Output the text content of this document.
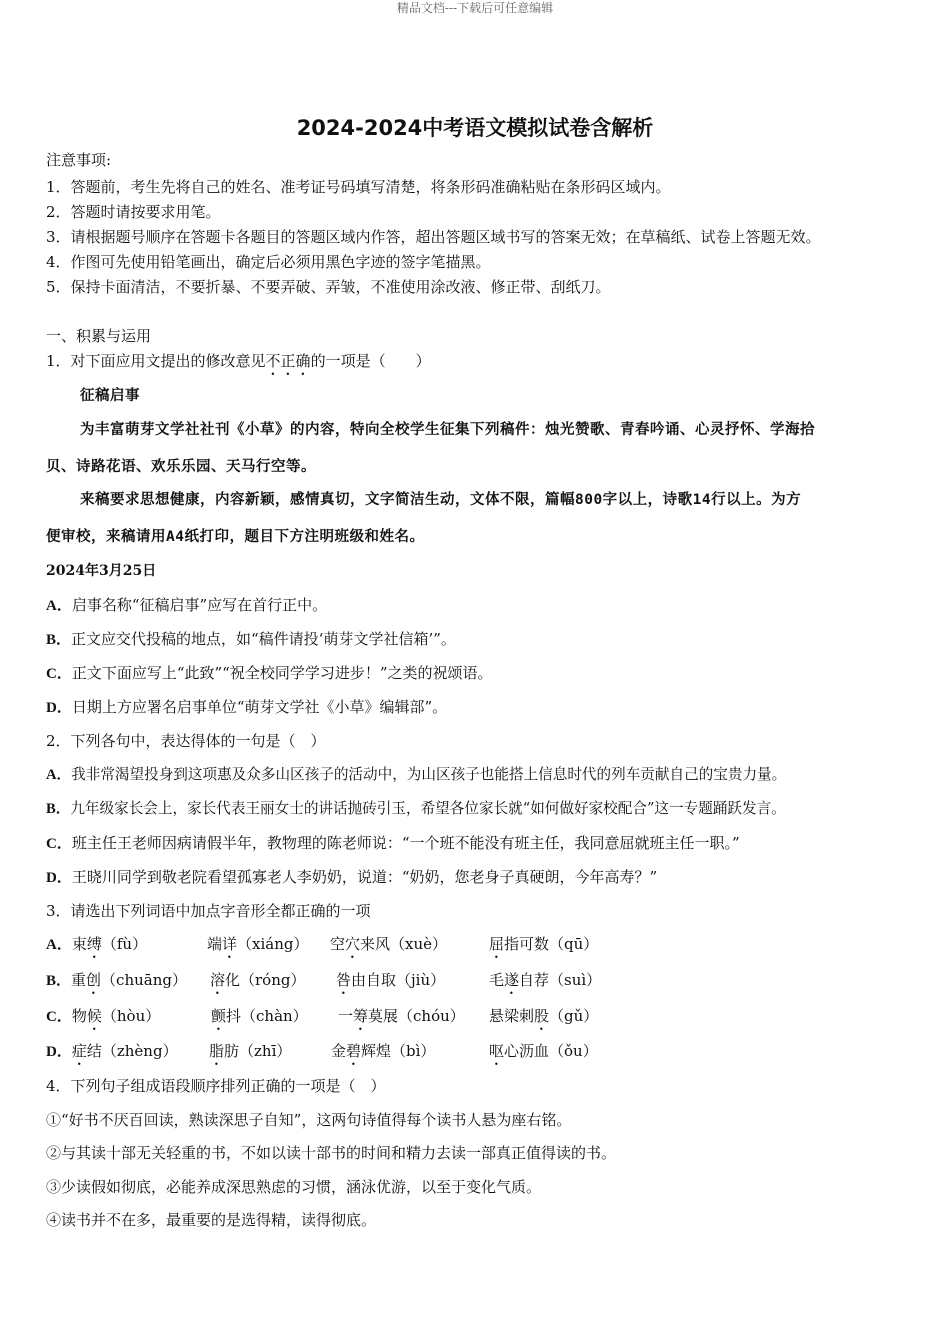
精品文档---下载后可任意编辑
2024-2024中考语文模拟试卷含解析
注意事项:
1．答题前，考生先将自己的姓名、准考证号码填写清楚，将条形码准确粘贴在条形码区域内。
2．答题时请按要求用笔。
3．请根据题号顺序在答题卡各题目的答题区域内作答，超出答题区域书写的答案无效；在草稿纸、试卷上答题无效。
4．作图可先使用铅笔画出，确定后必须用黑色字迹的签字笔描黑。
5．保持卡面清洁，不要折暴、不要弄破、弄皱，不准使用涂改液、修正带、刮纸刀。
一、积累与运用
1．对下面应用文提出的修改意见不正确的一项是（　　）
征稿启事
为丰富萌芽文学社社刊《小草》的内容，特向全校学生征集下列稿件：烛光赞歌、青春吟诵、心灵抒怀、学海拾
贝、诗路花语、欢乐乐园、天马行空等。
来稿要求思想健康，内容新颖，感情真切，文字简洁生动，文体不限，篇幅800字以上，诗歌14行以上。为方
便审校，来稿请用A4纸打印，题目下方注明班级和姓名。
2024年3月25日
A．启事名称“征稿启事”应写在首行正中。
B．正文应交代投稿的地点，如“稿件请投‘萌芽文学社信箱’”。
C．正文下面应写上“此致”“祝全校同学学习进步！”之类的祝颂语。
D．日期上方应署名启事单位“萌芽文学社《小草》编辑部”。
2．下列各句中，表达得体的一句是（　）
A．我非常渴望投身到这项惠及众多山区孩子的活动中，为山区孩子也能搭上信息时代的列车贡献自己的宝贵力量。
B．九年级家长会上，家长代表王丽女士的讲话抛砖引玉，希望各位家长就“如何做好家校配合”这一专题踊跃发言。
C．班主任王老师因病请假半年，教物理的陈老师说：“一个班不能没有班主任，我同意屈就班主任一职。”
D．王晓川同学到敬老院看望孤寡老人李奶奶，说道：“奶奶，您老身子真硬朗，今年高寿？”
3．请选出下列词语中加点字音形全都正确的一项
A．束缚（fù）	端详（xiáng） 空穴来风（xuè）	屈指可数（qū）
B．重创（chuāng） 溶化（róng） 咎由自取（jiù）	毛遂自荐（suì）
C．物候（hòu）	颤抖（chàn） 一筹莫展（chóu） 悬梁刺股（gǔ）
D．症结（zhèng） 脂肪（zhī）	金碧辉煌（bì）	呕心沥血（ǒu）
4．下列句子组成语段顺序排列正确的一项是（　）
①“好书不厌百回读，熟读深思子自知”，这两句诗值得每个读书人悬为座右铭。
②与其读十部无关轻重的书，不如以读十部书的时间和精力去读一部真正值得读的书。
③少读假如彻底，必能养成深思熟虑的习惯，涵泳优游，以至于变化气质。
④读书并不在多，最重要的是选得精，读得彻底。
